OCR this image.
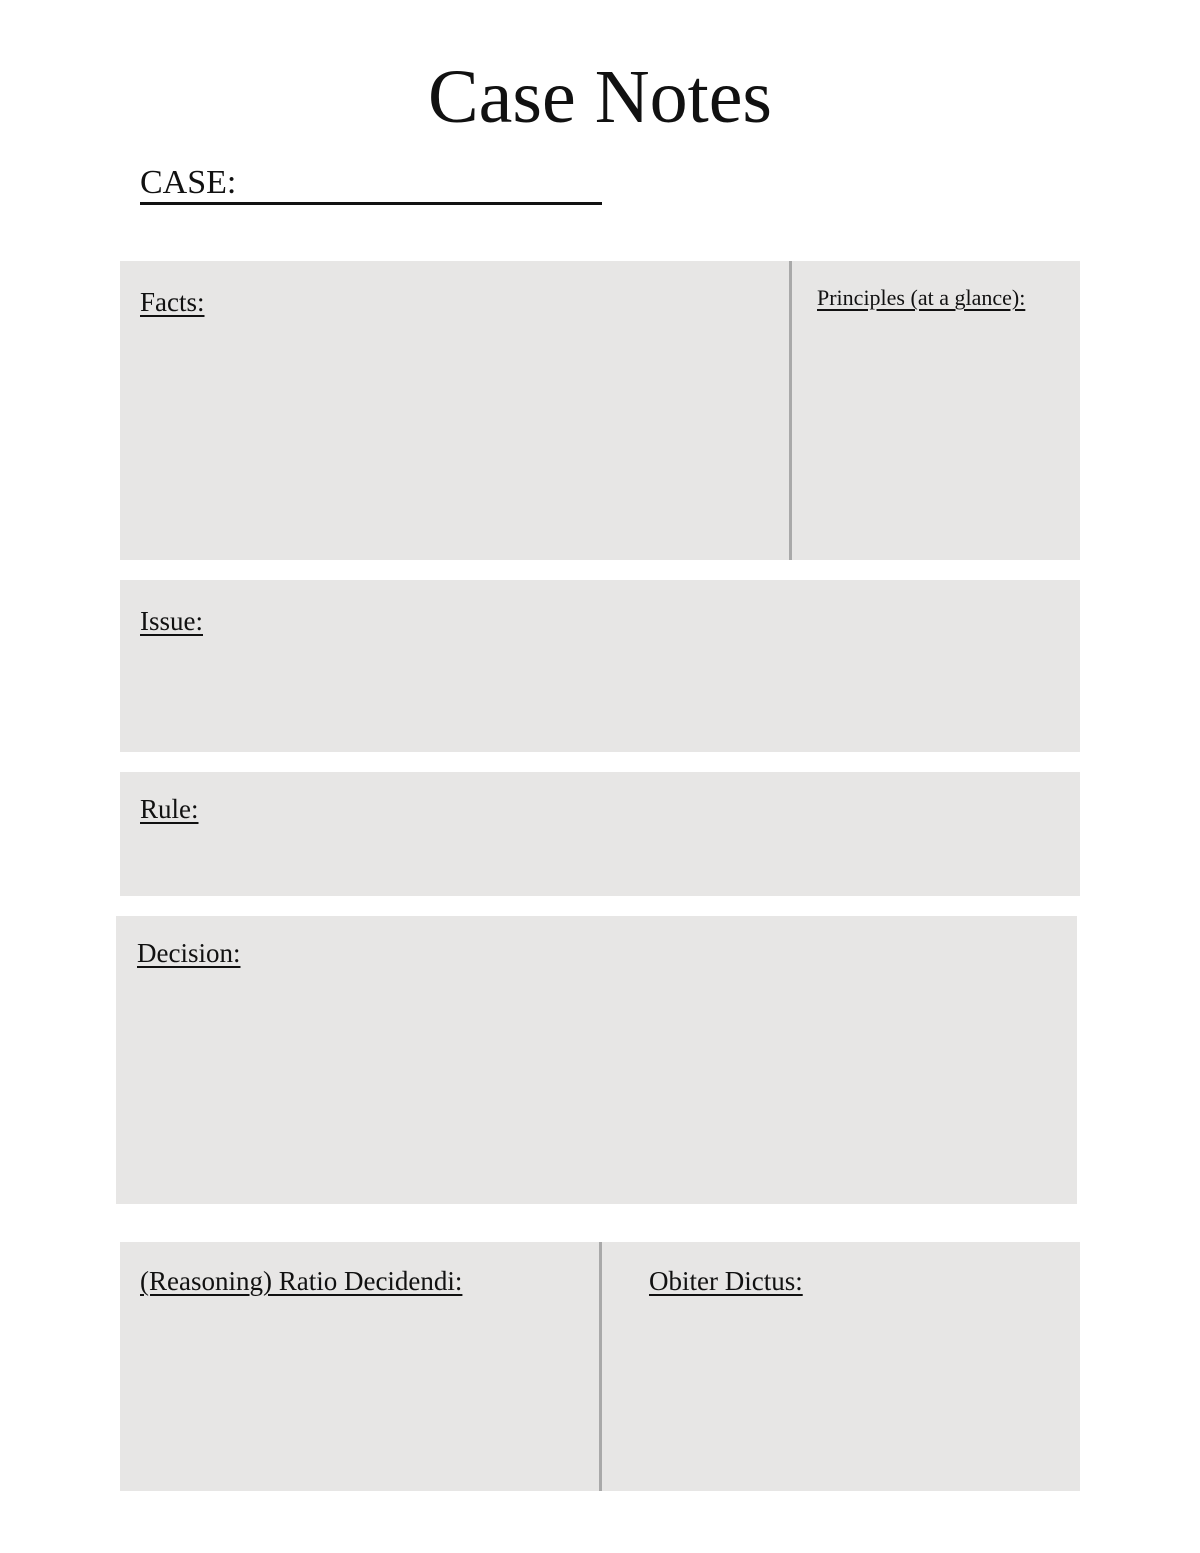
Case Notes
CASE:
Facts:	Principles (at a glance):
Issue:
Rule:
Decision:
(Reasoning) Ratio Decidendi:	Obiter Dictus:
